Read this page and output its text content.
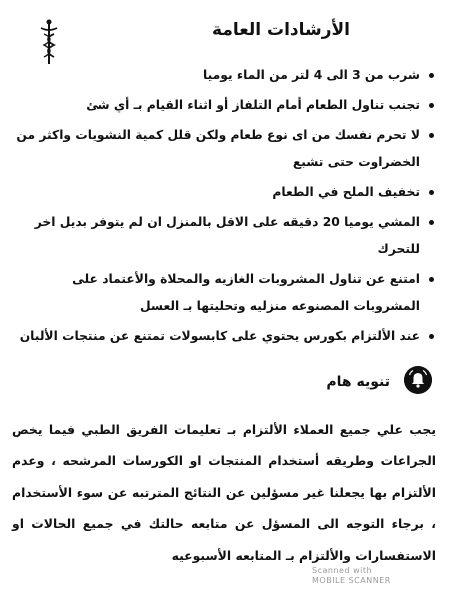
الأرشادات العامة
شرب من 3 الى 4 لتر من الماء يوميا
تجنب تناول الطعام أمام التلفاز أو اثناء القيام بـ أي شئ
لا تحرم نفسك من اى نوع طعام ولكن قلل كمية النشويات واكثر من الخضراوت حتى تشبع
تخفيف الملح في الطعام
المشي يوميا 20 دقيقه على الاقل بالمنزل ان لم يتوفر بديل اخر للتحرك
امتنع عن تناول المشروبات الغازيه والمحلاة والأعتماد على المشروبات المصنوعه منزليه وتحليتها بـ العسل
عند الألتزام بكورس يحتوي على كابسولات تمتنع عن منتجات الألبان
تنويه هام
يجب علي جميع العملاء الألتزام بـ تعليمات الفريق الطبي فيما يخص الجراعات وطريقه أستخدام المنتجات او الكورسات المرشحه ، وعدم الألتزام بها يجعلنا غير مسؤلين عن النتائج المترتبه عن سوء الأستخدام ، برجاء التوجه الى المسؤل عن متابعه حالتك في جميع الحالات او الاستفسارات والألتزام بـ المتابعه الأسبوعيه
Scanned with
MOBILE SCANNER
